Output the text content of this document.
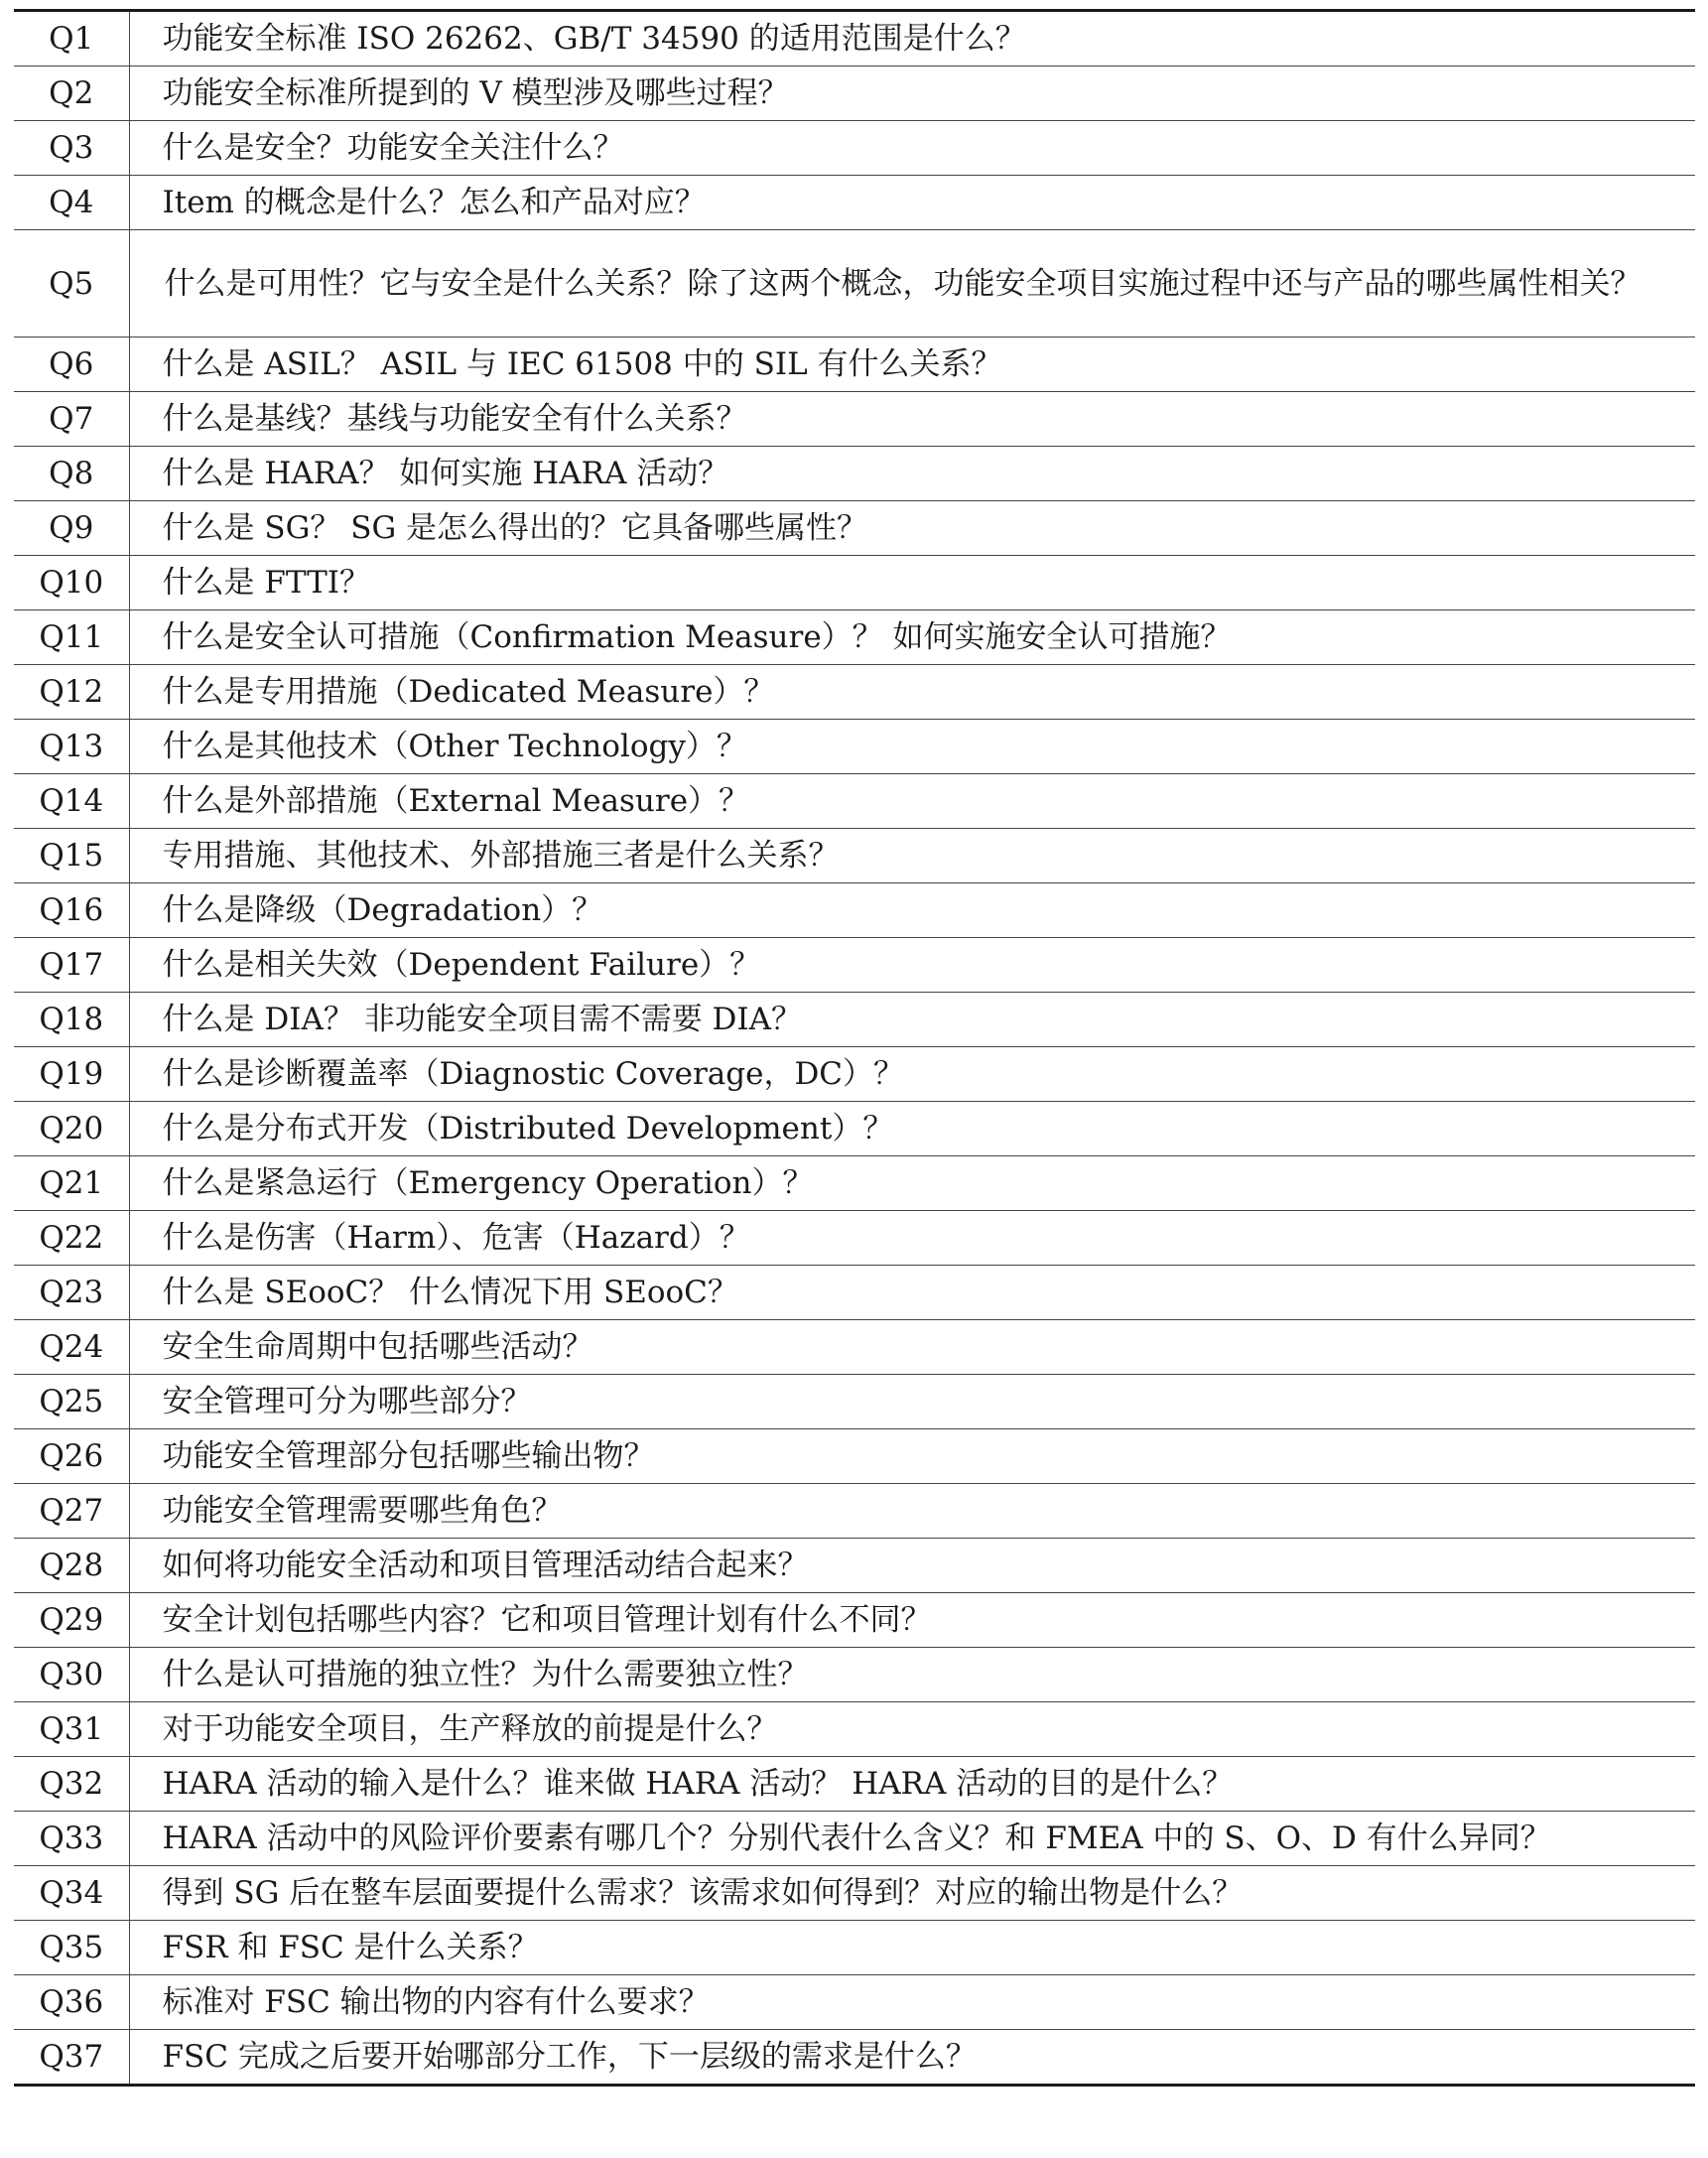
Q1	功能安全标准 ISO 26262、GB/T 34590 的适用范围是什么？
Q2	功能安全标准所提到的 V 模型涉及哪些过程？
Q3	什么是安全？功能安全关注什么？
Q4	Item 的概念是什么？怎么和产品对应？
Q5	什么是可用性？它与安全是什么关系？除了这两个概念，功能安全项目实施过程中还与产品的哪些属性相关？
Q6	什么是 ASIL？ ASIL 与 IEC 61508 中的 SIL 有什么关系？
Q7	什么是基线？基线与功能安全有什么关系？
Q8	什么是 HARA？ 如何实施 HARA 活动？
Q9	什么是 SG？ SG 是怎么得出的？它具备哪些属性？
Q10	什么是 FTTI？
Q11	什么是安全认可措施（Confirmation Measure）？ 如何实施安全认可措施？
Q12	什么是专用措施（Dedicated Measure）？
Q13	什么是其他技术（Other Technology）？
Q14	什么是外部措施（External Measure）？
Q15	专用措施、其他技术、外部措施三者是什么关系？
Q16	什么是降级（Degradation）？
Q17	什么是相关失效（Dependent Failure）？
Q18	什么是 DIA？ 非功能安全项目需不需要 DIA？
Q19	什么是诊断覆盖率（Diagnostic Coverage，DC）？
Q20	什么是分布式开发（Distributed Development）？
Q21	什么是紧急运行（Emergency Operation）？
Q22	什么是伤害（Harm）、危害（Hazard）？
Q23	什么是 SEooC？ 什么情况下用 SEooC？
Q24	安全生命周期中包括哪些活动？
Q25	安全管理可分为哪些部分？
Q26	功能安全管理部分包括哪些输出物？
Q27	功能安全管理需要哪些角色？
Q28	如何将功能安全活动和项目管理活动结合起来？
Q29	安全计划包括哪些内容？它和项目管理计划有什么不同？
Q30	什么是认可措施的独立性？为什么需要独立性？
Q31	对于功能安全项目，生产释放的前提是什么？
Q32	HARA 活动的输入是什么？谁来做 HARA 活动？ HARA 活动的目的是什么？
Q33	HARA 活动中的风险评价要素有哪几个？分别代表什么含义？和 FMEA 中的 S、O、D 有什么异同？
Q34	得到 SG 后在整车层面要提什么需求？该需求如何得到？对应的输出物是什么？
Q35	FSR 和 FSC 是什么关系？
Q36	标准对 FSC 输出物的内容有什么要求？
Q37	FSC 完成之后要开始哪部分工作，下一层级的需求是什么？
